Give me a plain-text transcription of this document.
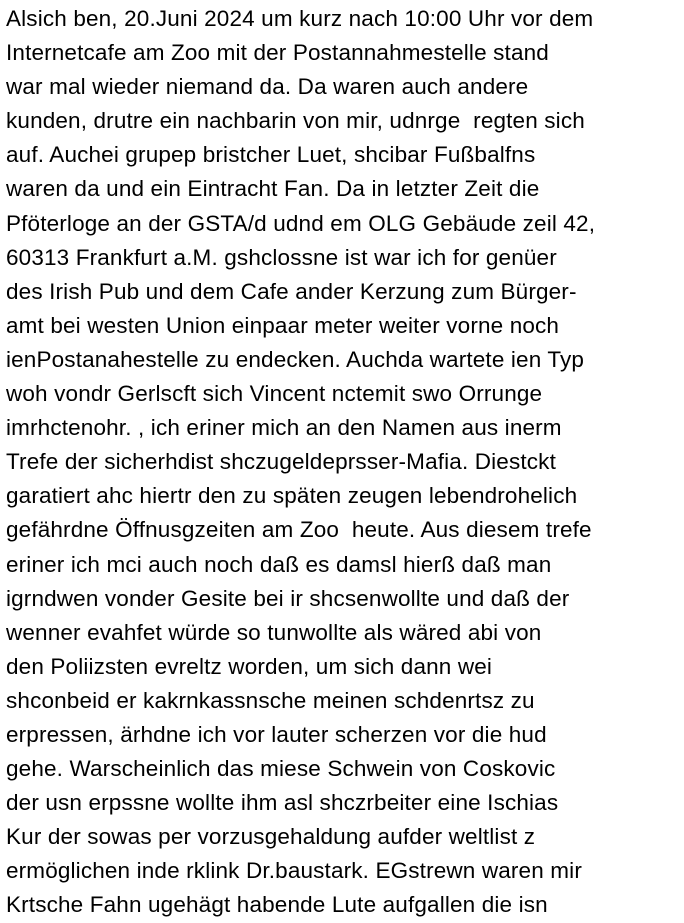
Alsich ben, 20.Juni 2024 um kurz nach 10:00 Uhr vor dem
Internetcafe am Zoo mit der Postannahmestelle stand
war mal wieder niemand da. Da waren auch andere
kunden, drutre ein nachbarin von mir, udnrge  regten sich
auf. Auchei grupep bristcher Luet, shcibar Fußbalfns
waren da und ein Eintracht Fan. Da in letzter Zeit die
Pföterloge an der GSTA/d udnd em OLG Gebäude zeil 42,
60313 Frankfurt a.M. gshclossne ist war ich for genüer
des Irish Pub und dem Cafe ander Kerzung zum Bürger-
amt bei westen Union einpaar meter weiter vorne noch
ienPostanahestelle zu endecken. Auchda wartete ien Typ
woh vondr Gerlscft sich Vincent nctemit swo Orrunge
imrhctenohr. , ich eriner mich an den Namen aus inerm
Trefe der sicherhdist shczugeldeprsser-Mafia. Diestckt
garatiert ahc hiertr den zu späten zeugen lebendrohelich
gefährdne Öffnusgzeiten am Zoo  heute. Aus diesem trefe
eriner ich mci auch noch daß es damsl hierß daß man
igrndwen vonder Gesite bei ir shcsenwollte und daß der
wenner evahfet würde so tunwollte als wäred abi von
den Poliizsten evreltz worden, um sich dann wei
shconbeid er kakrnkassnsche meinen schdenrtsz zu
erpressen, ärhdne ich vor lauter scherzen vor die hud
gehe. Warscheinlich das miese Schwein von Coskovic
der usn erpssne wollte ihm asl shczrbeiter eine Ischias
Kur der sowas per vorzusgehaldung aufder weltlist z
ermöglichen inde rklink Dr.baustark. EGstrewn waren mir
Krtsche Fahn ugehägt habende Lute aufgallen die isn
